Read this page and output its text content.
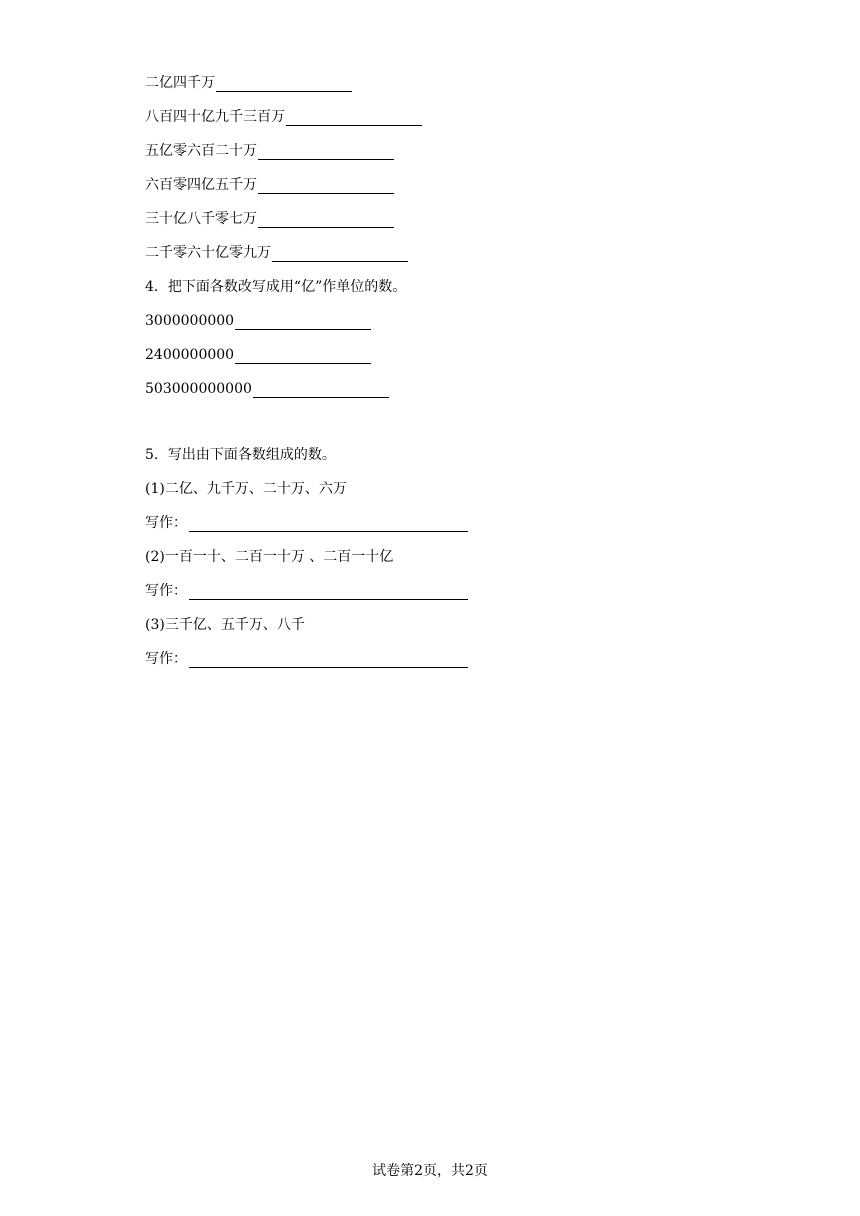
二亿四千万
八百四十亿九千三百万
五亿零六百二十万
六百零四亿五千万
三十亿八千零七万
二千零六十亿零九万
4．把下面各数改写成用“亿”作单位的数。
3000000000
2400000000
503000000000
5．写出由下面各数组成的数。
(1)二亿、九千万、二十万、六万
写作：
(2)一百一十、二百一十万 、二百一十亿
写作：
(3)三千亿、五千万、八千
写作：
试卷第2页，共2页
